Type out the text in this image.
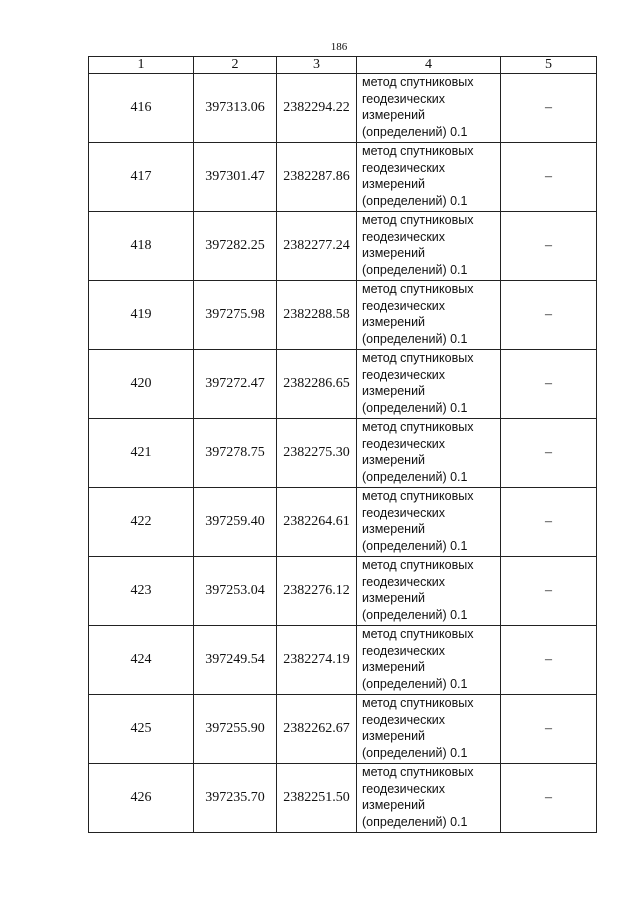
186
1	2	3	4	5
416	397313.06	2382294.22	метод спутниковых
геодезических
измерений
(определений) 0.1	–
417	397301.47	2382287.86	метод спутниковых
геодезических
измерений
(определений) 0.1	–
418	397282.25	2382277.24	метод спутниковых
геодезических
измерений
(определений) 0.1	–
419	397275.98	2382288.58	метод спутниковых
геодезических
измерений
(определений) 0.1	–
420	397272.47	2382286.65	метод спутниковых
геодезических
измерений
(определений) 0.1	–
421	397278.75	2382275.30	метод спутниковых
геодезических
измерений
(определений) 0.1	–
422	397259.40	2382264.61	метод спутниковых
геодезических
измерений
(определений) 0.1	–
423	397253.04	2382276.12	метод спутниковых
геодезических
измерений
(определений) 0.1	–
424	397249.54	2382274.19	метод спутниковых
геодезических
измерений
(определений) 0.1	–
425	397255.90	2382262.67	метод спутниковых
геодезических
измерений
(определений) 0.1	–
426	397235.70	2382251.50	метод спутниковых
геодезических
измерений
(определений) 0.1	–
